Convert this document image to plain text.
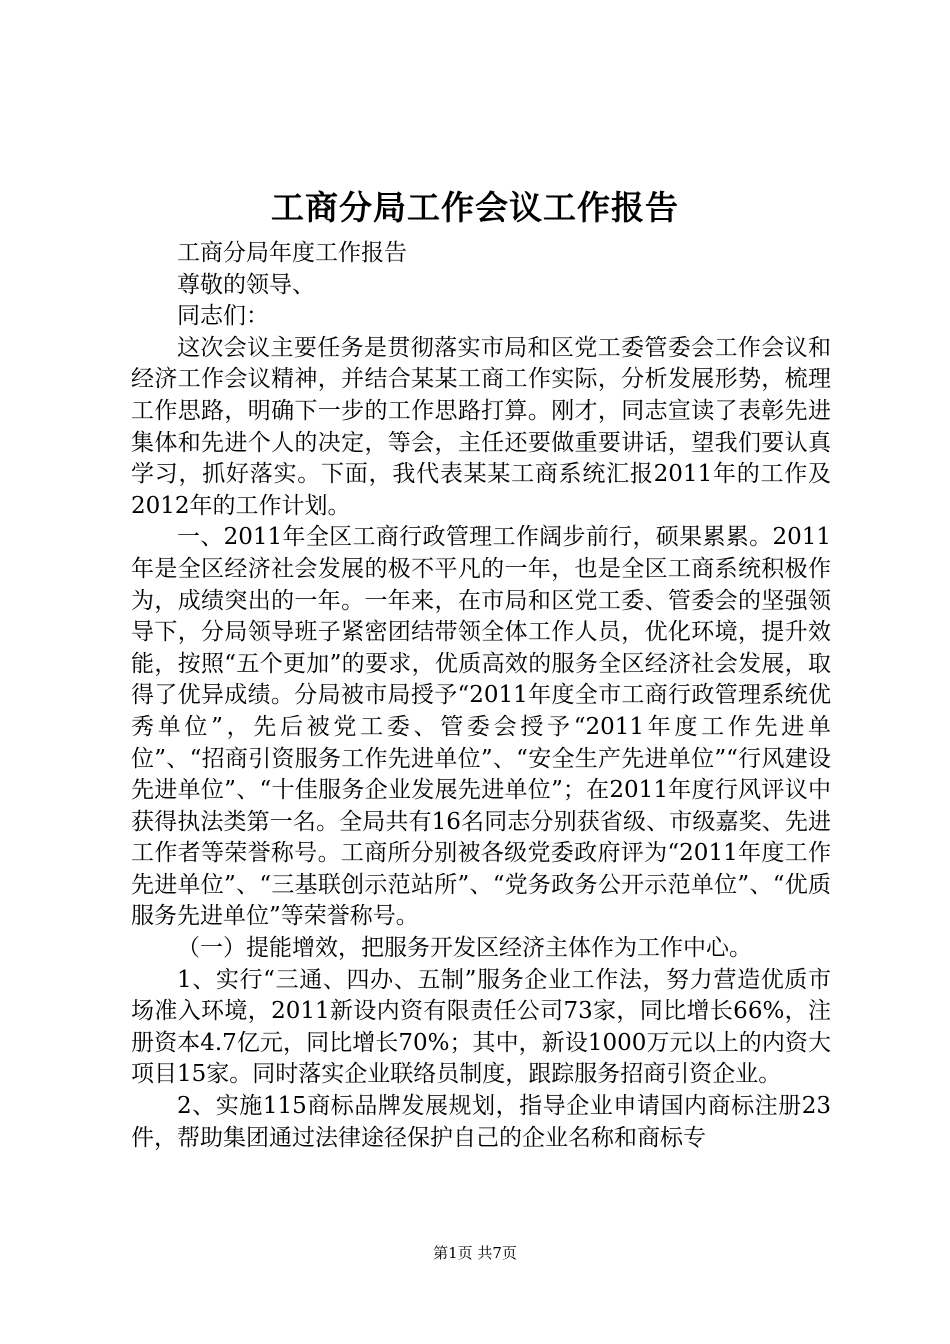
工商分局工作会议工作报告

工商分局年度工作报告

尊敬的领导、

同志们：

这次会议主要任务是贯彻落实市局和区党工委管委会工作会议和经济工作会议精神，并结合某某工商工作实际，分析发展形势，梳理工作思路，明确下一步的工作思路打算。刚才，同志宣读了表彰先进集体和先进个人的决定，等会，主任还要做重要讲话，望我们要认真学习，抓好落实。下面，我代表某某工商系统汇报2011年的工作及2012年的工作计划。

一、2011年全区工商行政管理工作阔步前行，硕果累累。2011年是全区经济社会发展的极不平凡的一年，也是全区工商系统积极作为，成绩突出的一年。一年来，在市局和区党工委、管委会的坚强领导下，分局领导班子紧密团结带领全体工作人员，优化环境，提升效能，按照“五个更加”的要求，优质高效的服务全区经济社会发展，取得了优异成绩。分局被市局授予“2011年度全市工商行政管理系统优秀单位”，先后被党工委、管委会授予“2011年度工作先进单位”、“招商引资服务工作先进单位”、“安全生产先进单位”“行风建设先进单位”、“十佳服务企业发展先进单位”；在2011年度行风评议中获得执法类第一名。全局共有16名同志分别获省级、市级嘉奖、先进工作者等荣誉称号。工商所分别被各级党委政府评为“2011年度工作先进单位”、“三基联创示范站所”、“党务政务公开示范单位”、“优质服务先进单位”等荣誉称号。

（一）提能增效，把服务开发区经济主体作为工作中心。

1、实行“三通、四办、五制”服务企业工作法，努力营造优质市场准入环境，2011新设内资有限责任公司73家，同比增长66%，注册资本4.7亿元，同比增长70%；其中，新设1000万元以上的内资大项目15家。同时落实企业联络员制度，跟踪服务招商引资企业。

2、实施115商标品牌发展规划，指导企业申请国内商标注册23件，帮助集团通过法律途径保护自己的企业名称和商标专

第1页 共7页
